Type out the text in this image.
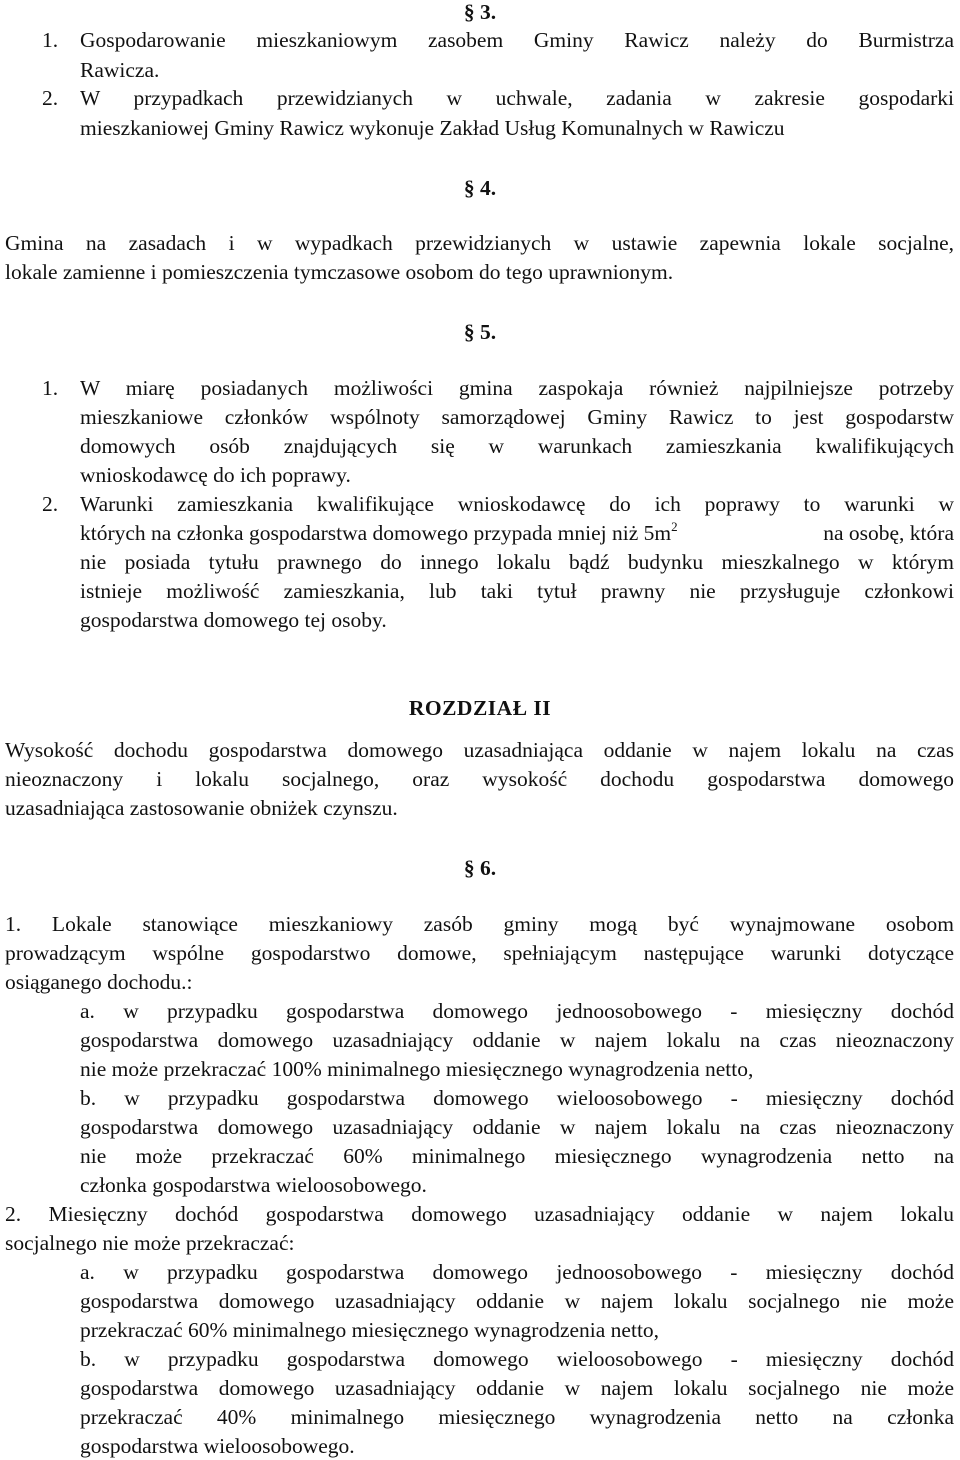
§ 3.
1. Gospodarowanie mieszkaniowym zasobem Gminy Rawicz należy do Burmistrza
Rawicza.
2. W przypadkach przewidzianych w uchwale, zadania w zakresie gospodarki
mieszkaniowej Gminy Rawicz wykonuje Zakład Usług Komunalnych w Rawiczu
§ 4.
Gmina na zasadach i w wypadkach przewidzianych w ustawie zapewnia lokale socjalne,
lokale zamienne i pomieszczenia tymczasowe osobom do tego uprawnionym.
§ 5.
1. W miarę posiadanych możliwości gmina zaspokaja również najpilniejsze potrzeby
mieszkaniowe członków wspólnoty samorządowej Gminy Rawicz to jest gospodarstw
domowych osób znajdujących się w warunkach zamieszkania kwalifikujących
wnioskodawcę do ich poprawy.
2. Warunki zamieszkania kwalifikujące wnioskodawcę do ich poprawy to warunki w
których na członka gospodarstwa domowego przypada mniej niż $5m^2$	na osobę, która
nie posiada tytułu prawnego do innego lokalu bądź budynku mieszkalnego w którym
istnieje możliwość zamieszkania, lub taki tytuł prawny nie przysługuje członkowi
gospodarstwa domowego tej osoby.
ROZDZIAŁ II
Wysokość dochodu gospodarstwa domowego uzasadniająca oddanie w najem lokalu na czas
nieoznaczony i lokalu socjalnego, oraz wysokość dochodu gospodarstwa domowego
uzasadniająca zastosowanie obniżek czynszu.
§ 6.
1. Lokale stanowiące mieszkaniowy zasób gminy mogą być wynajmowane osobom
prowadzącym wspólne gospodarstwo domowe, spełniającym następujące warunki dotyczące
osiąganego dochodu.:
a. w przypadku gospodarstwa domowego jednoosobowego - miesięczny dochód
gospodarstwa domowego uzasadniający oddanie w najem lokalu na czas nieoznaczony
nie może przekraczać 100% minimalnego miesięcznego wynagrodzenia netto,
b. w przypadku gospodarstwa domowego wieloosobowego - miesięczny dochód
gospodarstwa domowego uzasadniający oddanie w najem lokalu na czas nieoznaczony
nie może przekraczać 60% minimalnego miesięcznego wynagrodzenia netto na
członka gospodarstwa wieloosobowego.
2. Miesięczny dochód gospodarstwa domowego uzasadniający oddanie w najem lokalu
socjalnego nie może przekraczać:
a. w przypadku gospodarstwa domowego jednoosobowego - miesięczny dochód
gospodarstwa domowego uzasadniający oddanie w najem lokalu socjalnego nie może
przekraczać 60% minimalnego miesięcznego wynagrodzenia netto,
b. w przypadku gospodarstwa domowego wieloosobowego - miesięczny dochód
gospodarstwa domowego uzasadniający oddanie w najem lokalu socjalnego nie może
przekraczać 40% minimalnego miesięcznego wynagrodzenia netto na członka
gospodarstwa wieloosobowego.
